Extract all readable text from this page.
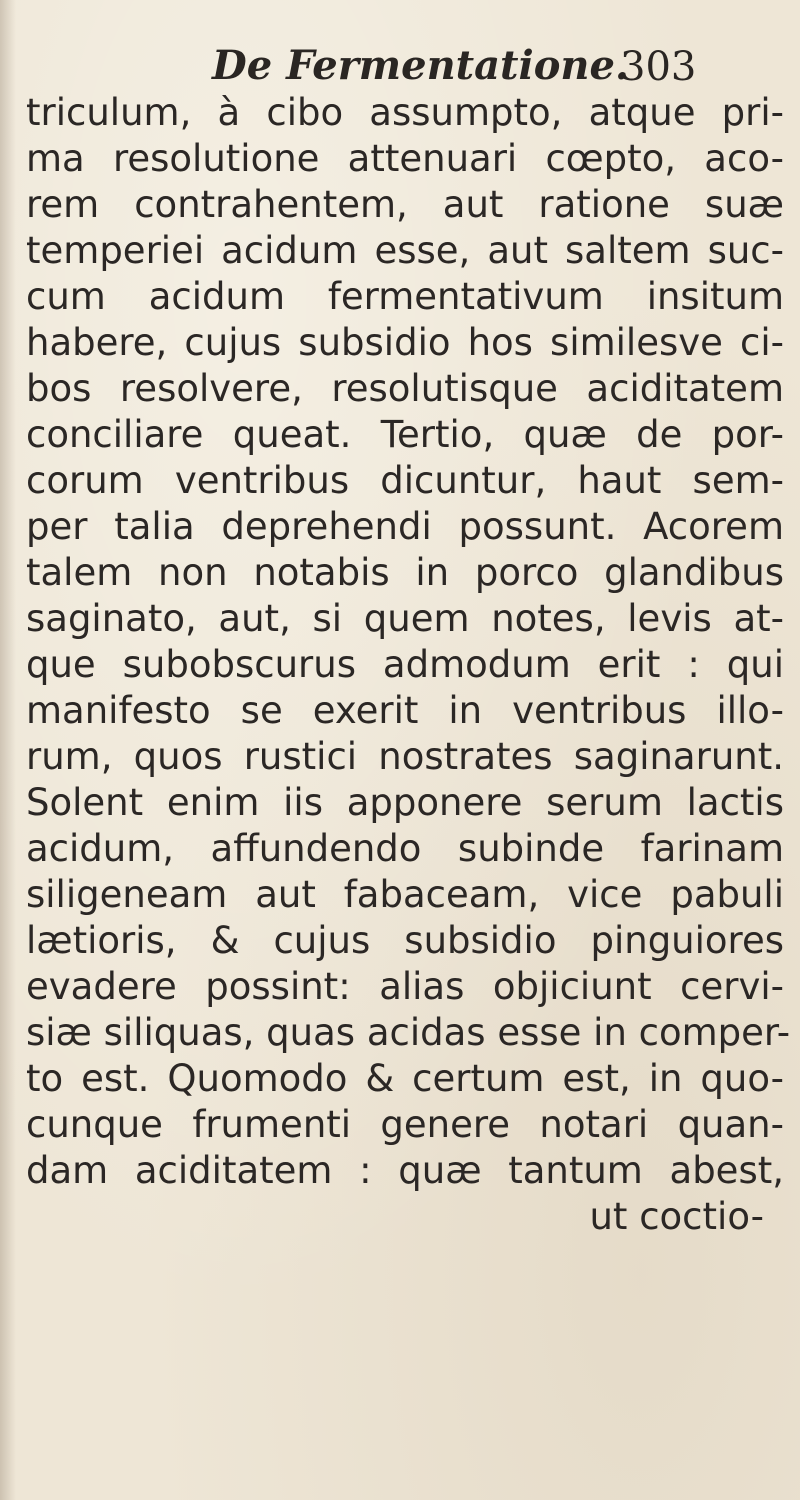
De Fermentatione.
303
triculum, à cibo assumpto, atque pri-
ma resolutione attenuari cœpto, aco-
rem contrahentem, aut ratione suæ
temperiei acidum esse, aut saltem suc-
cum acidum fermentativum insitum
habere, cujus subsidio hos similesve ci-
bos resolvere, resolutisque aciditatem
conciliare queat. Tertio, quæ de por-
corum ventribus dicuntur, haut sem-
per talia deprehendi possunt. Acorem
talem non notabis in porco glandibus
saginato, aut, si quem notes, levis at-
que subobscurus admodum erit : qui
manifesto se exerit in ventribus illo-
rum, quos rustici nostrates saginarunt.
Solent enim iis apponere serum lactis
acidum, affundendo subinde farinam
siligeneam aut fabaceam, vice pabuli
lætioris, & cujus subsidio pinguiores
evadere possint: alias objiciunt cervi-
siæ siliquas, quas acidas esse in comper-
to est. Quomodo & certum est, in quo-
cunque frumenti genere notari quan-
dam aciditatem : quæ tantum abest,
ut coctio-
